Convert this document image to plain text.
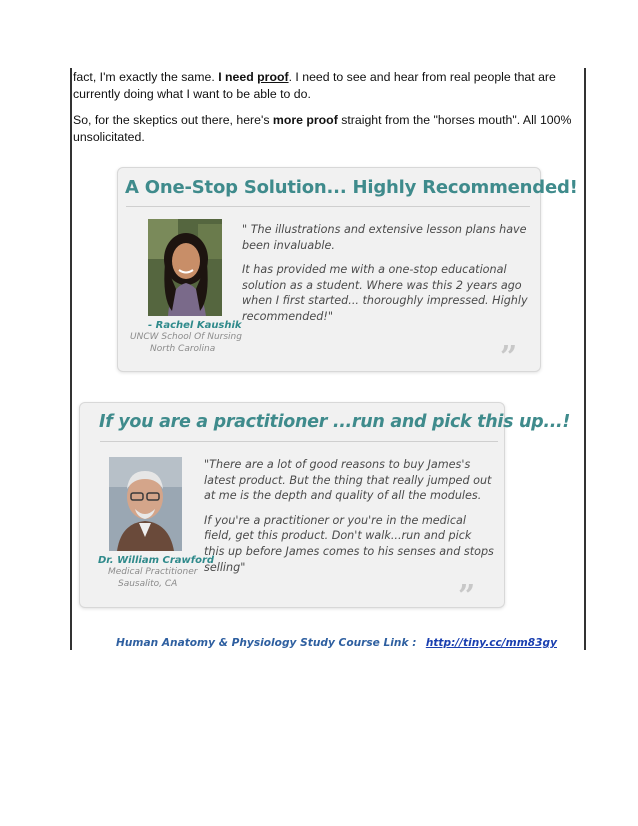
fact, I'm exactly the same. I need proof. I need to see and hear from real people that are currently doing what I want to be able to do.
So, for the skeptics out there, here's more proof straight from the "horses mouth". All 100% unsolicitated.
A One-Stop Solution... Highly Recommended!
- Rachel Kaushik
UNCW School Of Nursing
North Carolina

" The illustrations and extensive lesson plans have been invaluable.

It has provided me with a one-stop educational solution as a student. Where was this 2 years ago when I first started... thoroughly impressed. Highly recommended!"

”
If you are a practitioner ...run and pick this up...!
Dr. William Crawford
Medical Practitioner
Sausalito, CA

"There are a lot of good reasons to buy James's latest product. But the thing that really jumped out at me is the depth and quality of all the modules.

If you're a practitioner or you're in the medical field, get this product. Don't walk...run and pick this up before James comes to his senses and stops selling"

”
Human Anatomy & Physiology Study Course Link : http://tiny.cc/mm83gy
